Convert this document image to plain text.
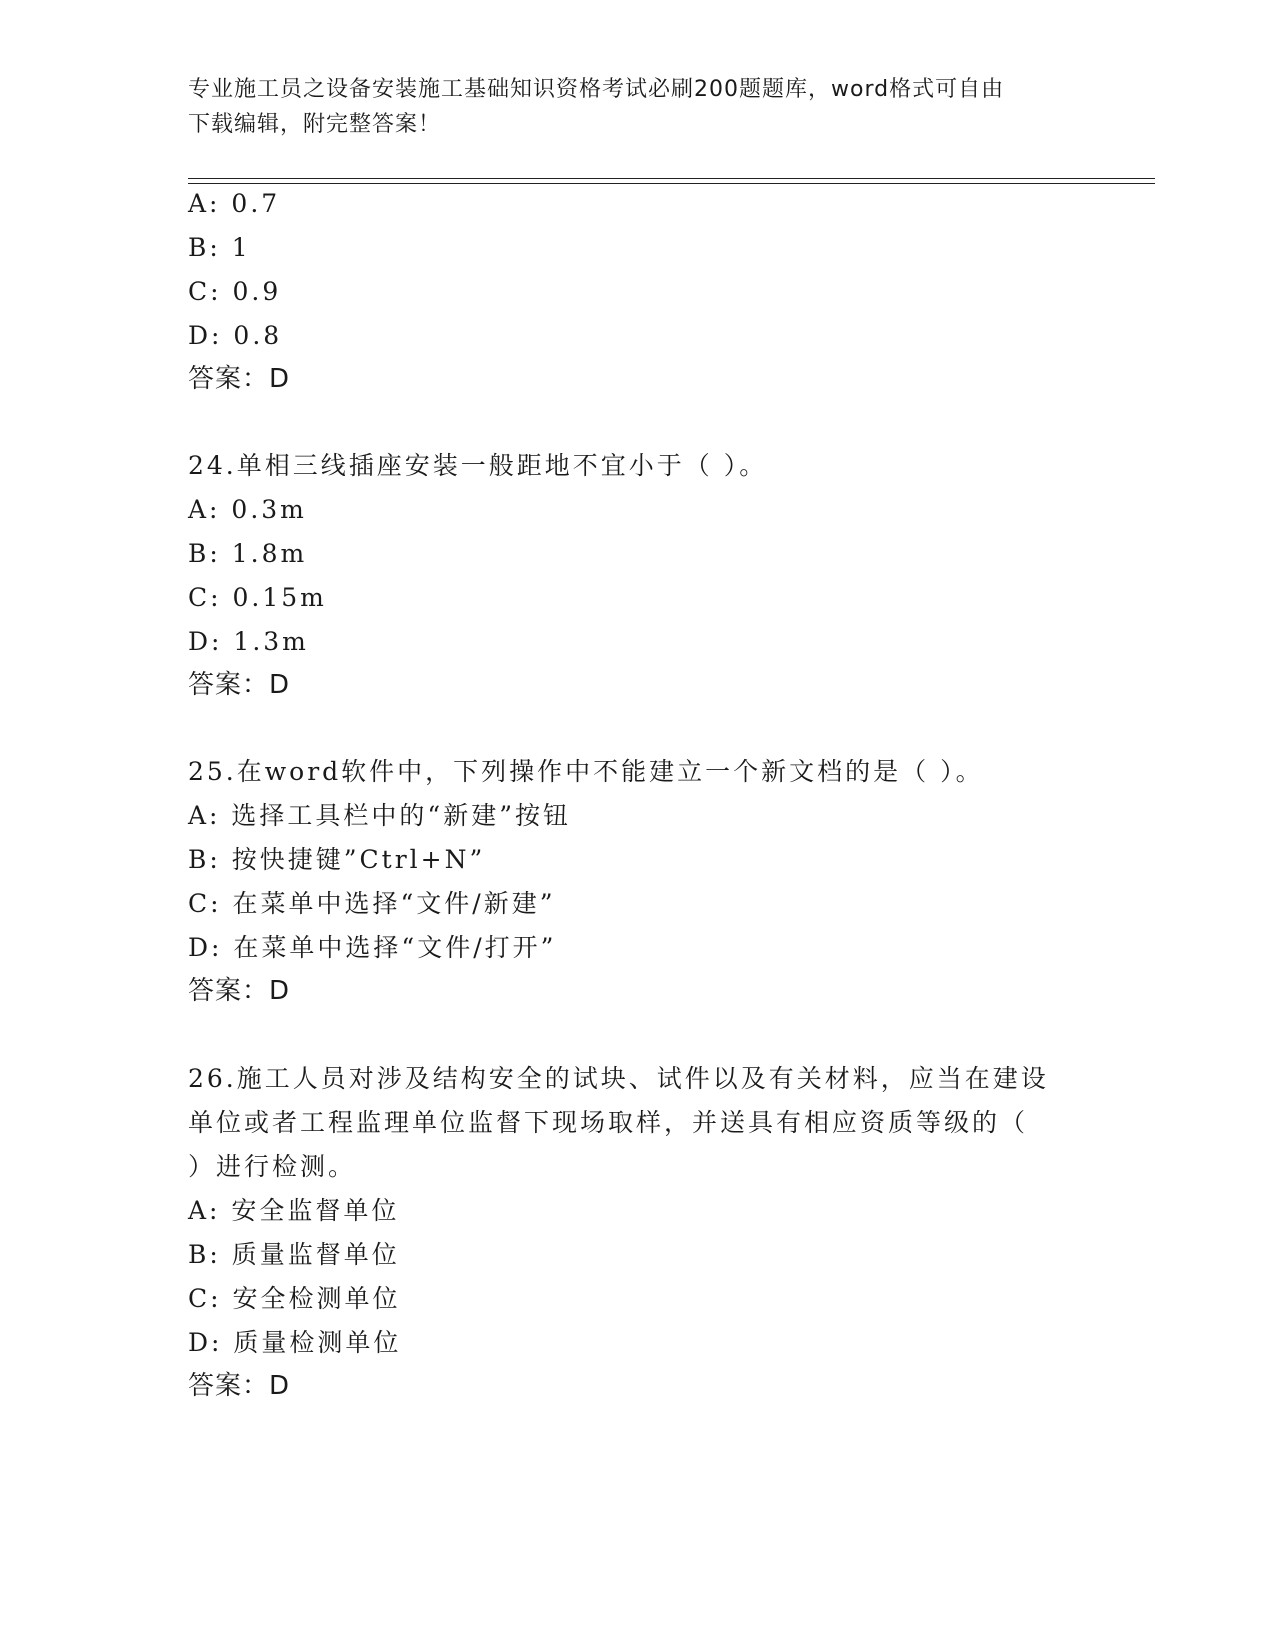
专业施工员之设备安装施工基础知识资格考试必刷200题题库，word格式可自由
下载编辑，附完整答案！
A: 0.7
B: 1
C: 0.9
D: 0.8
答案：D
24.单相三线插座安装一般距地不宜小于（ ）。
A: 0.3m
B: 1.8m
C: 0.15m
D: 1.3m
答案：D
25.在word软件中，下列操作中不能建立一个新文档的是（ ）。
A: 选择工具栏中的“新建”按钮
B: 按快捷键”Ctrl+N”
C: 在菜单中选择“文件/新建”
D: 在菜单中选择“文件/打开”
答案：D
26.施工人员对涉及结构安全的试块、试件以及有关材料，应当在建设
单位或者工程监理单位监督下现场取样，并送具有相应资质等级的（
）进行检测。
A: 安全监督单位
B: 质量监督单位
C: 安全检测单位
D: 质量检测单位
答案：D
